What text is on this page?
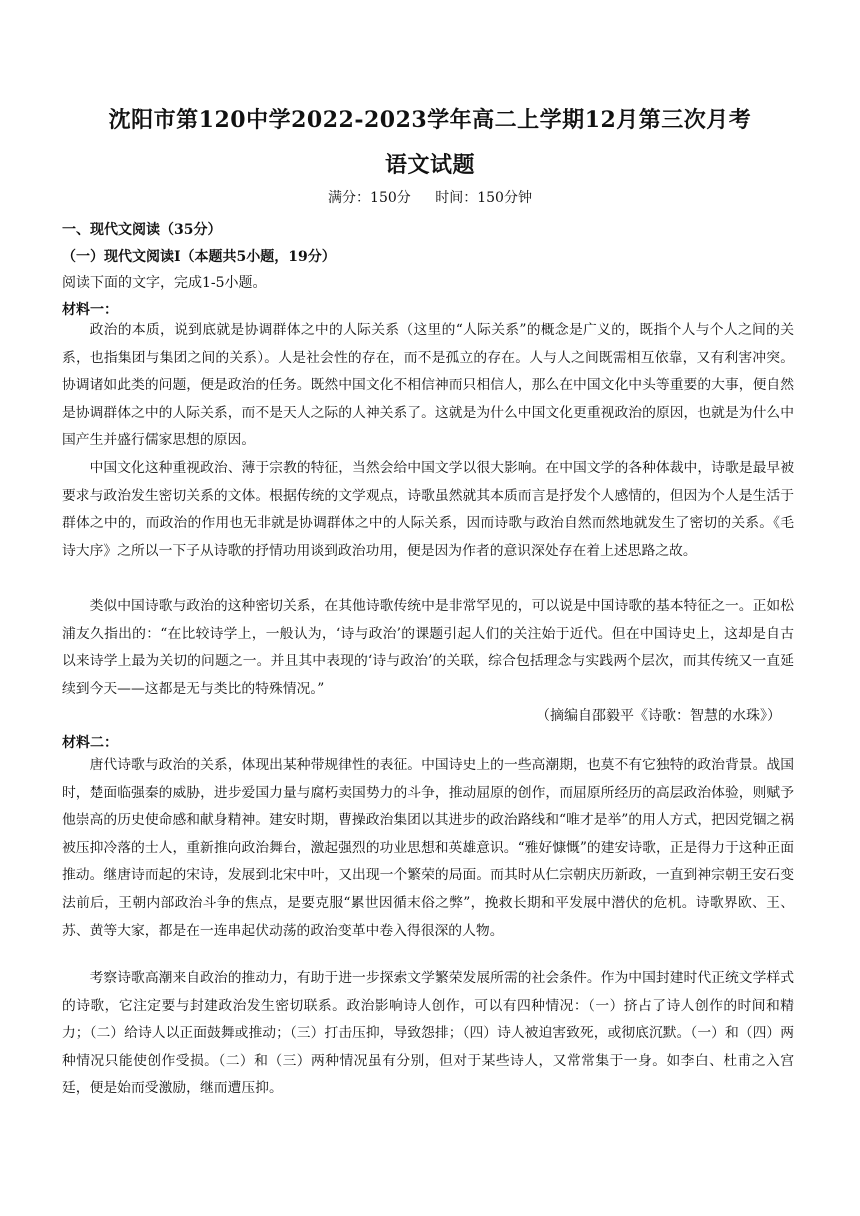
沈阳市第120中学2022-2023学年高二上学期12月第三次月考
语文试题
满分：150分 时间：150分钟
一、现代文阅读（35分）
（一）现代文阅读Ⅰ（本题共5小题，19分）
阅读下面的文字，完成1-5小题。
材料一：

政治的本质，说到底就是协调群体之中的人际关系（这里的“人际关系”的概念是广义的，既指个人与个人之间的关系，也指集团与集团之间的关系）。人是社会性的存在，而不是孤立的存在。人与人之间既需相互依靠，又有利害冲突。协调诸如此类的问题，便是政治的任务。既然中国文化不相信神而只相信人，那么在中国文化中头等重要的大事，便自然是协调群体之中的人际关系，而不是天人之际的人神关系了。这就是为什么中国文化更重视政治的原因，也就是为什么中国产生并盛行儒家思想的原因。

中国文化这种重视政治、薄于宗教的特征，当然会给中国文学以很大影响。在中国文学的各种体裁中，诗歌是最早被要求与政治发生密切关系的文体。根据传统的文学观点，诗歌虽然就其本质而言是抒发个人感情的，但因为个人是生活于群体之中的，而政治的作用也无非就是协调群体之中的人际关系，因而诗歌与政治自然而然地就发生了密切的关系。《毛诗大序》之所以一下子从诗歌的抒情功用谈到政治功用，便是因为作者的意识深处存在着上述思路之故。

类似中国诗歌与政治的这种密切关系，在其他诗歌传统中是非常罕见的，可以说是中国诗歌的基本特征之一。正如松浦友久指出的：“在比较诗学上，一般认为，‘诗与政治’的课题引起人们的关注始于近代。但在中国诗史上，这却是自古以来诗学上最为关切的问题之一。并且其中表现的‘诗与政治’的关联，综合包括理念与实践两个层次，而其传统又一直延续到今天——这都是无与类比的特殊情况。”

（摘编自邵毅平《诗歌：智慧的水珠》）
材料二：

唐代诗歌与政治的关系，体现出某种带规律性的表征。中国诗史上的一些高潮期，也莫不有它独特的政治背景。战国时，楚面临强秦的威胁，进步爱国力量与腐朽卖国势力的斗争，推动屈原的创作，而屈原所经历的高层政治体验，则赋予他崇高的历史使命感和献身精神。建安时期，曹操政治集团以其进步的政治路线和“唯才是举”的用人方式，把因党锢之祸被压抑冷落的士人，重新推向政治舞台，激起强烈的功业思想和英雄意识。“雅好慷慨”的建安诗歌，正是得力于这种正面推动。继唐诗而起的宋诗，发展到北宋中叶，又出现一个繁荣的局面。而其时从仁宗朝庆历新政，一直到神宗朝王安石变法前后，王朝内部政治斗争的焦点，是要克服“累世因循末俗之弊”，挽救长期和平发展中潜伏的危机。诗歌界欧、王、苏、黄等大家，都是在一连串起伏动荡的政治变革中卷入得很深的人物。

考察诗歌高潮来自政治的推动力，有助于进一步探索文学繁荣发展所需的社会条件。作为中国封建时代正统文学样式的诗歌，它注定要与封建政治发生密切联系。政治影响诗人创作，可以有四种情况：（一）挤占了诗人创作的时间和精力；（二）给诗人以正面鼓舞或推动；（三）打击压抑，导致怨排；（四）诗人被迫害致死，或彻底沉默。（一）和（四）两种情况只能使创作受损。（二）和（三）两种情况虽有分别，但对于某些诗人，又常常集于一身。如李白、杜甫之入宫廷，便是始而受激励，继而遭压抑。
